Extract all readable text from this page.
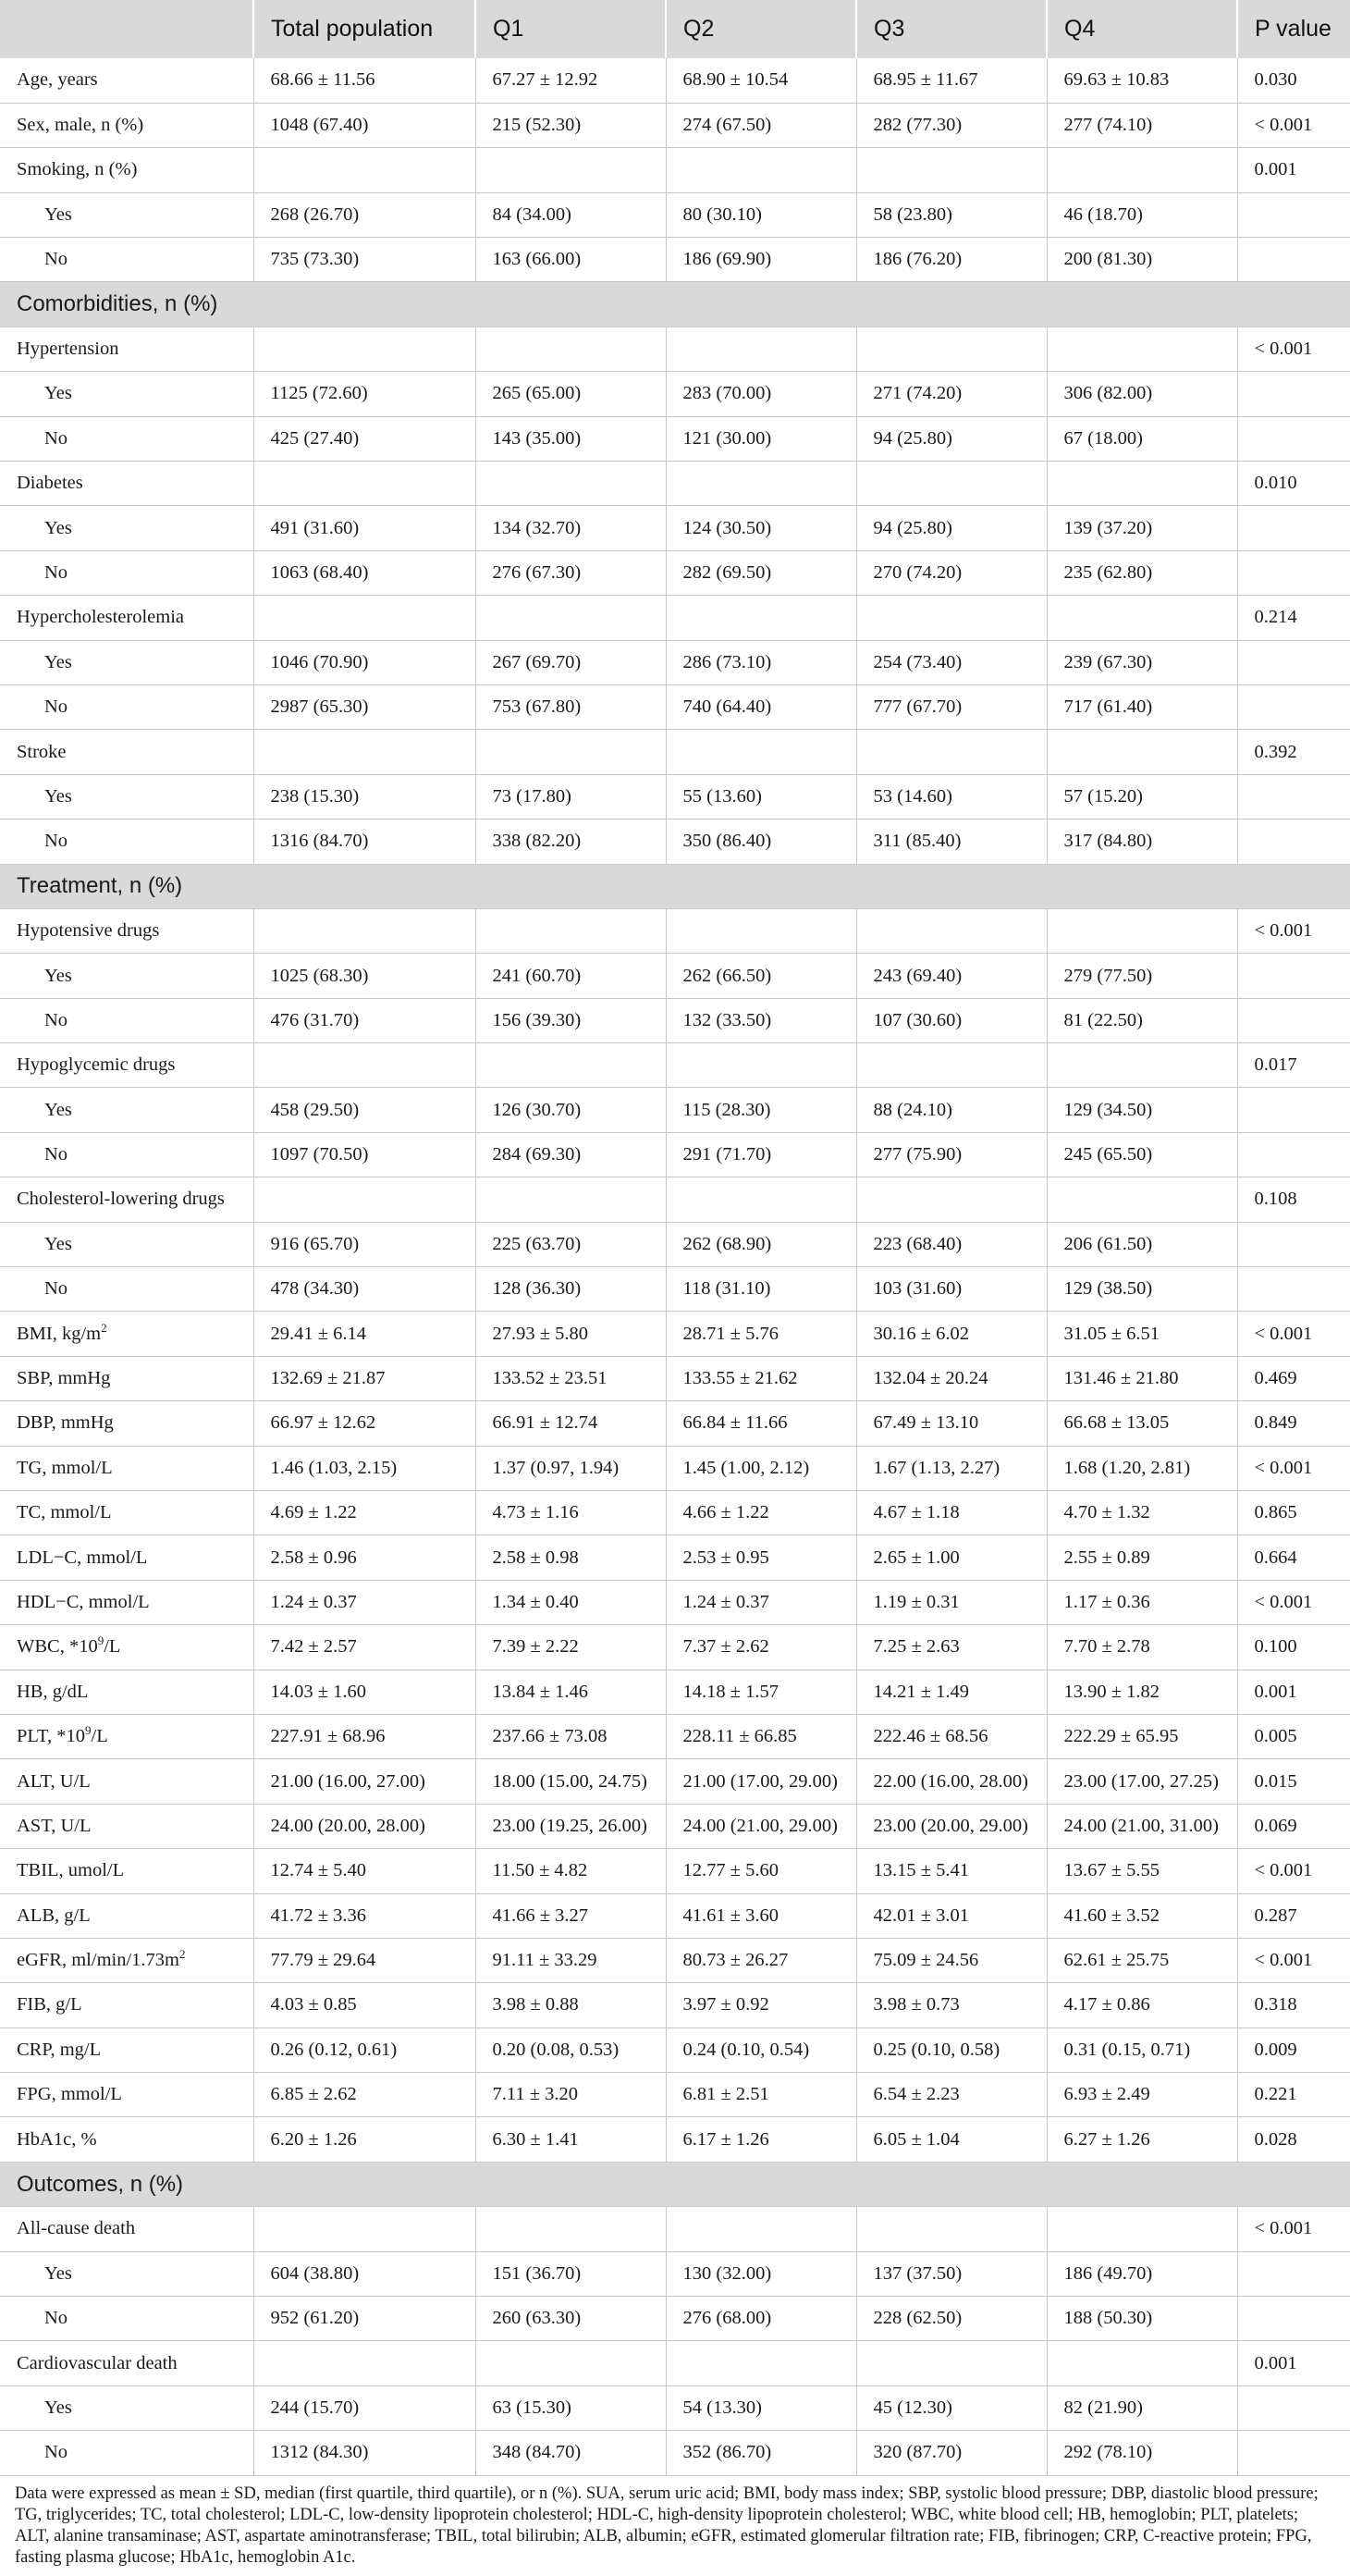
	Total population	Q1	Q2	Q3	Q4	P value
Age, years	68.66 ± 11.56	67.27 ± 12.92	68.90 ± 10.54	68.95 ± 11.67	69.63 ± 10.83	0.030
Sex, male, n (%)	1048 (67.40)	215 (52.30)	274 (67.50)	282 (77.30)	277 (74.10)	< 0.001
Smoking, n (%)						0.001
Yes	268 (26.70)	84 (34.00)	80 (30.10)	58 (23.80)	46 (18.70)	
No	735 (73.30)	163 (66.00)	186 (69.90)	186 (76.20)	200 (81.30)	
Comorbidities, n (%)						
Hypertension						< 0.001
Yes	1125 (72.60)	265 (65.00)	283 (70.00)	271 (74.20)	306 (82.00)	
No	425 (27.40)	143 (35.00)	121 (30.00)	94 (25.80)	67 (18.00)	
Diabetes						0.010
Yes	491 (31.60)	134 (32.70)	124 (30.50)	94 (25.80)	139 (37.20)	
No	1063 (68.40)	276 (67.30)	282 (69.50)	270 (74.20)	235 (62.80)	
Hypercholesterolemia						0.214
Yes	1046 (70.90)	267 (69.70)	286 (73.10)	254 (73.40)	239 (67.30)	
No	2987 (65.30)	753 (67.80)	740 (64.40)	777 (67.70)	717 (61.40)	
Stroke						0.392
Yes	238 (15.30)	73 (17.80)	55 (13.60)	53 (14.60)	57 (15.20)	
No	1316 (84.70)	338 (82.20)	350 (86.40)	311 (85.40)	317 (84.80)	
Treatment, n (%)						
Hypotensive drugs						< 0.001
Yes	1025 (68.30)	241 (60.70)	262 (66.50)	243 (69.40)	279 (77.50)	
No	476 (31.70)	156 (39.30)	132 (33.50)	107 (30.60)	81 (22.50)	
Hypoglycemic drugs						0.017
Yes	458 (29.50)	126 (30.70)	115 (28.30)	88 (24.10)	129 (34.50)	
No	1097 (70.50)	284 (69.30)	291 (71.70)	277 (75.90)	245 (65.50)	
Cholesterol-lowering drugs						0.108
Yes	916 (65.70)	225 (63.70)	262 (68.90)	223 (68.40)	206 (61.50)	
No	478 (34.30)	128 (36.30)	118 (31.10)	103 (31.60)	129 (38.50)	
BMI, $kg/m^2$	29.41 ± 6.14	27.93 ± 5.80	28.71 ± 5.76	30.16 ± 6.02	31.05 ± 6.51	< 0.001
SBP, mmHg	132.69 ± 21.87	133.52 ± 23.51	133.55 ± 21.62	132.04 ± 20.24	131.46 ± 21.80	0.469
DBP, mmHg	66.97 ± 12.62	66.91 ± 12.74	66.84 ± 11.66	67.49 ± 13.10	66.68 ± 13.05	0.849
TG, mmol/L	1.46 (1.03, 2.15)	1.37 (0.97, 1.94)	1.45 (1.00, 2.12)	1.67 (1.13, 2.27)	1.68 (1.20, 2.81)	< 0.001
TC, mmol/L	4.69 ± 1.22	4.73 ± 1.16	4.66 ± 1.22	4.67 ± 1.18	4.70 ± 1.32	0.865
LDL−C, mmol/L	2.58 ± 0.96	2.58 ± 0.98	2.53 ± 0.95	2.65 ± 1.00	2.55 ± 0.89	0.664
HDL−C, mmol/L	1.24 ± 0.37	1.34 ± 0.40	1.24 ± 0.37	1.19 ± 0.31	1.17 ± 0.36	< 0.001
WBC, $*10^9/L$	7.42 ± 2.57	7.39 ± 2.22	7.37 ± 2.62	7.25 ± 2.63	7.70 ± 2.78	0.100
HB, g/dL	14.03 ± 1.60	13.84 ± 1.46	14.18 ± 1.57	14.21 ± 1.49	13.90 ± 1.82	0.001
PLT, $*10^9/L$	227.91 ± 68.96	237.66 ± 73.08	228.11 ± 66.85	222.46 ± 68.56	222.29 ± 65.95	0.005
ALT, U/L	21.00 (16.00, 27.00)	18.00 (15.00, 24.75)	21.00 (17.00, 29.00)	22.00 (16.00, 28.00)	23.00 (17.00, 27.25)	0.015
AST, U/L	24.00 (20.00, 28.00)	23.00 (19.25, 26.00)	24.00 (21.00, 29.00)	23.00 (20.00, 29.00)	24.00 (21.00, 31.00)	0.069
TBIL, umol/L	12.74 ± 5.40	11.50 ± 4.82	12.77 ± 5.60	13.15 ± 5.41	13.67 ± 5.55	< 0.001
ALB, g/L	41.72 ± 3.36	41.66 ± 3.27	41.61 ± 3.60	42.01 ± 3.01	41.60 ± 3.52	0.287
eGFR, $ml/\min/1.73m^2$	77.79 ± 29.64	91.11 ± 33.29	80.73 ± 26.27	75.09 ± 24.56	62.61 ± 25.75	< 0.001
FIB, g/L	4.03 ± 0.85	3.98 ± 0.88	3.97 ± 0.92	3.98 ± 0.73	4.17 ± 0.86	0.318
CRP, mg/L	0.26 (0.12, 0.61)	0.20 (0.08, 0.53)	0.24 (0.10, 0.54)	0.25 (0.10, 0.58)	0.31 (0.15, 0.71)	0.009
FPG, mmol/L	6.85 ± 2.62	7.11 ± 3.20	6.81 ± 2.51	6.54 ± 2.23	6.93 ± 2.49	0.221
HbA1c, %	6.20 ± 1.26	6.30 ± 1.41	6.17 ± 1.26	6.05 ± 1.04	6.27 ± 1.26	0.028
Outcomes, n (%)						
All-cause death						< 0.001
Yes	604 (38.80)	151 (36.70)	130 (32.00)	137 (37.50)	186 (49.70)	
No	952 (61.20)	260 (63.30)	276 (68.00)	228 (62.50)	188 (50.30)	
Cardiovascular death						0.001
Yes	244 (15.70)	63 (15.30)	54 (13.30)	45 (12.30)	82 (21.90)	
No	1312 (84.30)	348 (84.70)	352 (86.70)	320 (87.70)	292 (78.10)	
Data were expressed as mean ± SD, median (first quartile, third quartile), or n (%). SUA, serum uric acid; BMI, body mass index; SBP, systolic blood pressure; DBP, diastolic blood pressure; TG, triglycerides; TC, total cholesterol; LDL-C, low-density lipoprotein cholesterol; HDL-C, high-density lipoprotein cholesterol; WBC, white blood cell; HB, hemoglobin; PLT, platelets; ALT, alanine transaminase; AST, aspartate aminotransferase; TBIL, total bilirubin; ALB, albumin; eGFR, estimated glomerular filtration rate; FIB, fibrinogen; CRP, C-reactive protein; FPG, fasting plasma glucose; HbA1c, hemoglobin A1c.
